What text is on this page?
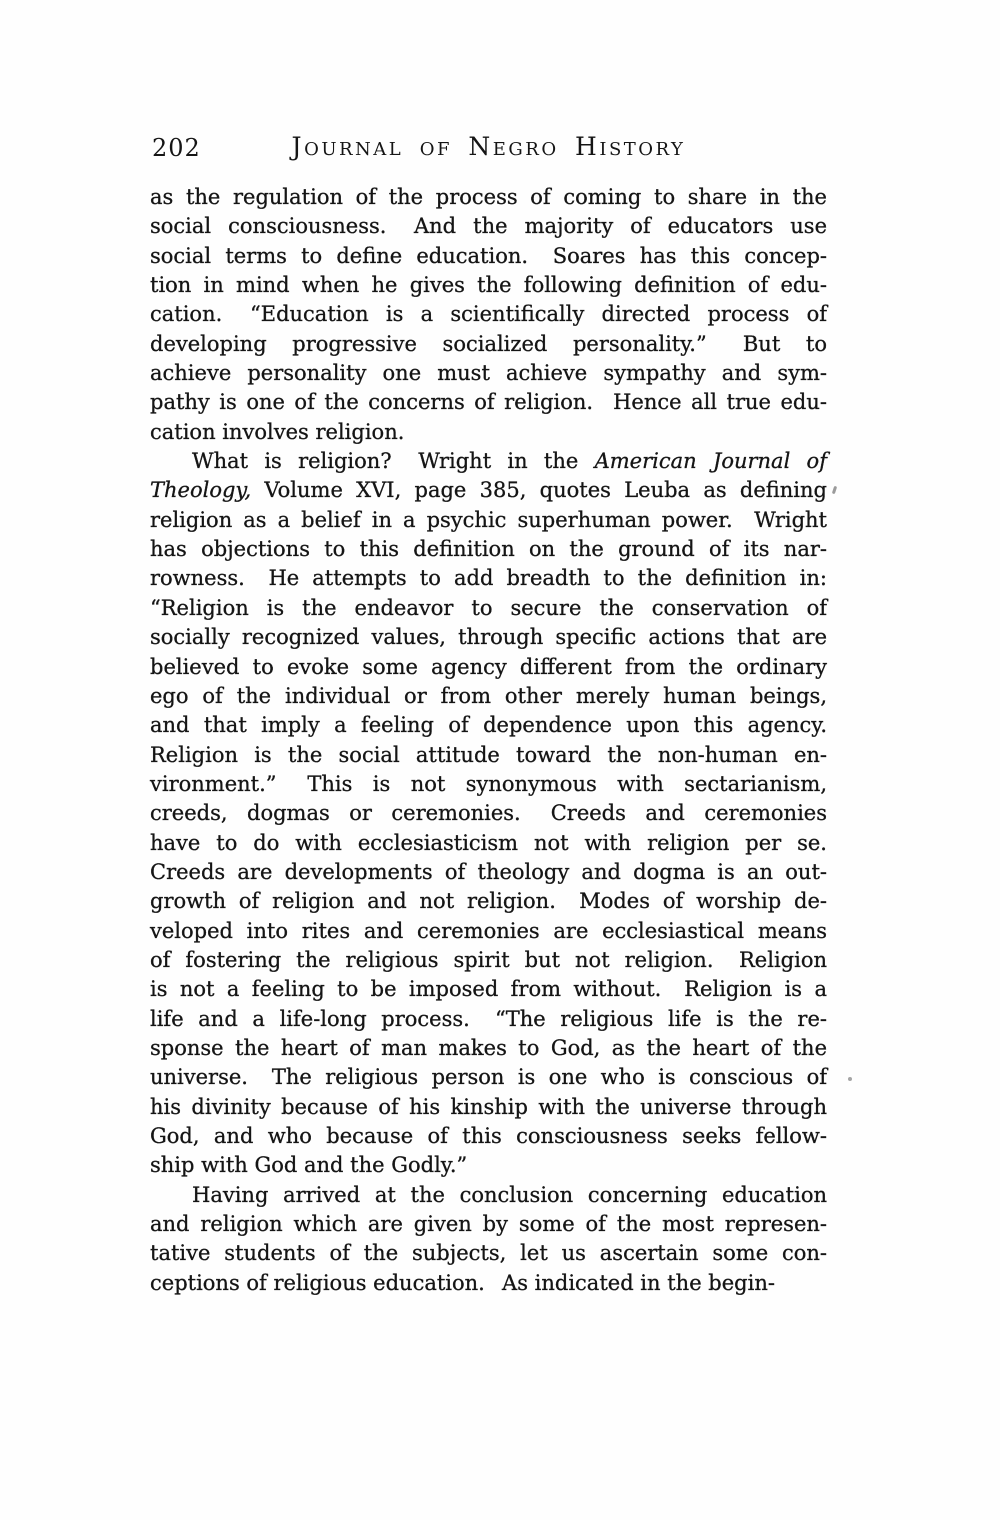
202	Journal of Negro History
as the regulation of the process of coming to share in the
social consciousness.  And the majority of educators use
social terms to define education.  Soares has this concep-
tion in mind when he gives the following definition of edu-
cation.  “Education is a scientifically directed process of
developing progressive socialized personality.”  But to
achieve personality one must achieve sympathy and sym-
pathy is one of the concerns of religion.  Hence all true edu-
cation involves religion.
What is religion?  Wright in the American Journal of
Theology, Volume XVI, page 385, quotes Leuba as defining
religion as a belief in a psychic superhuman power.  Wright
has objections to this definition on the ground of its nar-
rowness.  He attempts to add breadth to the definition in:
“Religion is the endeavor to secure the conservation of
socially recognized values, through specific actions that are
believed to evoke some agency different from the ordinary
ego of the individual or from other merely human beings,
and that imply a feeling of dependence upon this agency.
Religion is the social attitude toward the non-human en-
vironment.”  This is not synonymous with sectarianism,
creeds, dogmas or ceremonies.  Creeds and ceremonies
have to do with ecclesiasticism not with religion per se.
Creeds are developments of theology and dogma is an out-
growth of religion and not religion.  Modes of worship de-
veloped into rites and ceremonies are ecclesiastical means
of fostering the religious spirit but not religion.  Religion
is not a feeling to be imposed from without.  Religion is a
life and a life-long process.  “The religious life is the re-
sponse the heart of man makes to God, as the heart of the
universe.  The religious person is one who is conscious of
his divinity because of his kinship with the universe through
God, and who because of this consciousness seeks fellow-
ship with God and the Godly.”
Having arrived at the conclusion concerning education
and religion which are given by some of the most represen-
tative students of the subjects, let us ascertain some con-
ceptions of religious education.  As indicated in the begin-
